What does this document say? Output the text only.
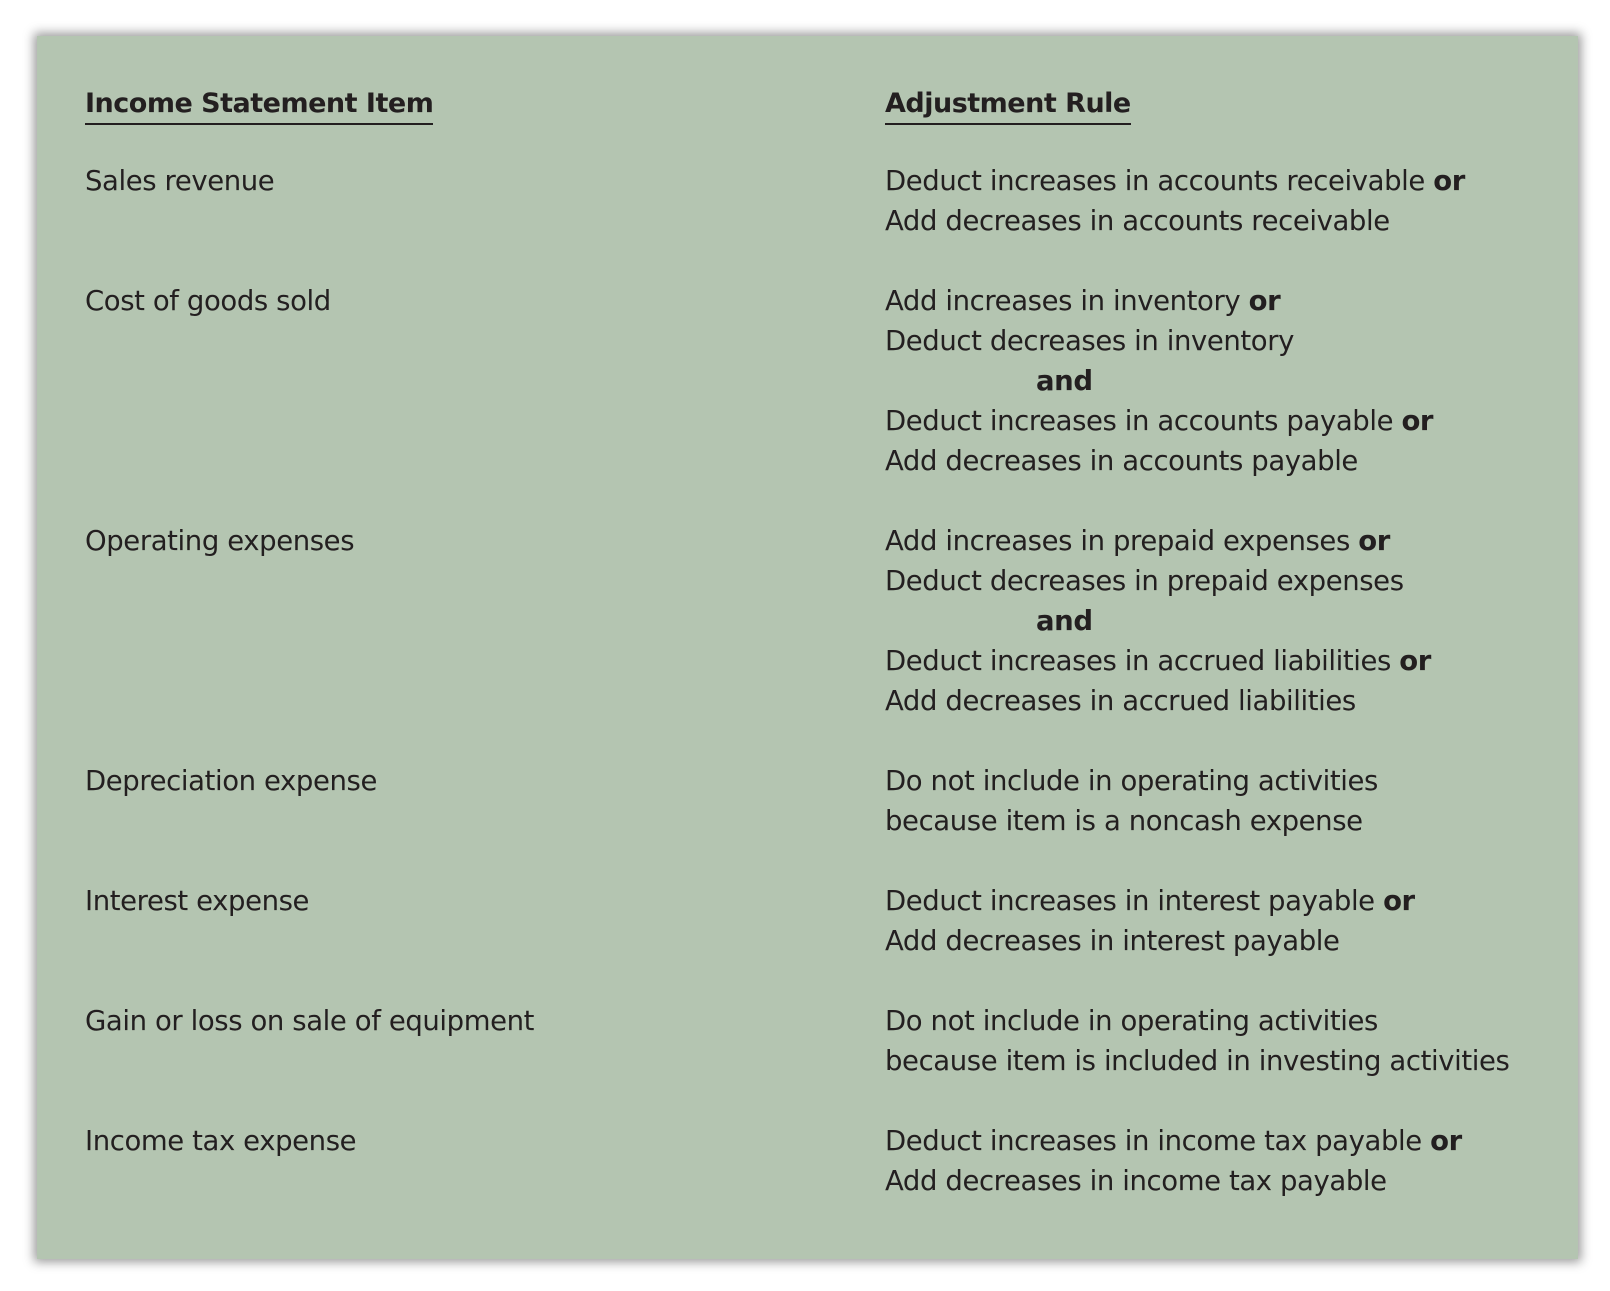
Income Statement Item	Adjustment Rule
Sales revenue	Deduct increases in accounts receivable or
Add decreases in accounts receivable
Cost of goods sold	Add increases in inventory or
Deduct decreases in inventory
and
Deduct increases in accounts payable or
Add decreases in accounts payable
Operating expenses	Add increases in prepaid expenses or
Deduct decreases in prepaid expenses
and
Deduct increases in accrued liabilities or
Add decreases in accrued liabilities
Depreciation expense	Do not include in operating activities
because item is a noncash expense
Interest expense	Deduct increases in interest payable or
Add decreases in interest payable
Gain or loss on sale of equipment	Do not include in operating activities
because item is included in investing activities
Income tax expense	Deduct increases in income tax payable or
Add decreases in income tax payable
